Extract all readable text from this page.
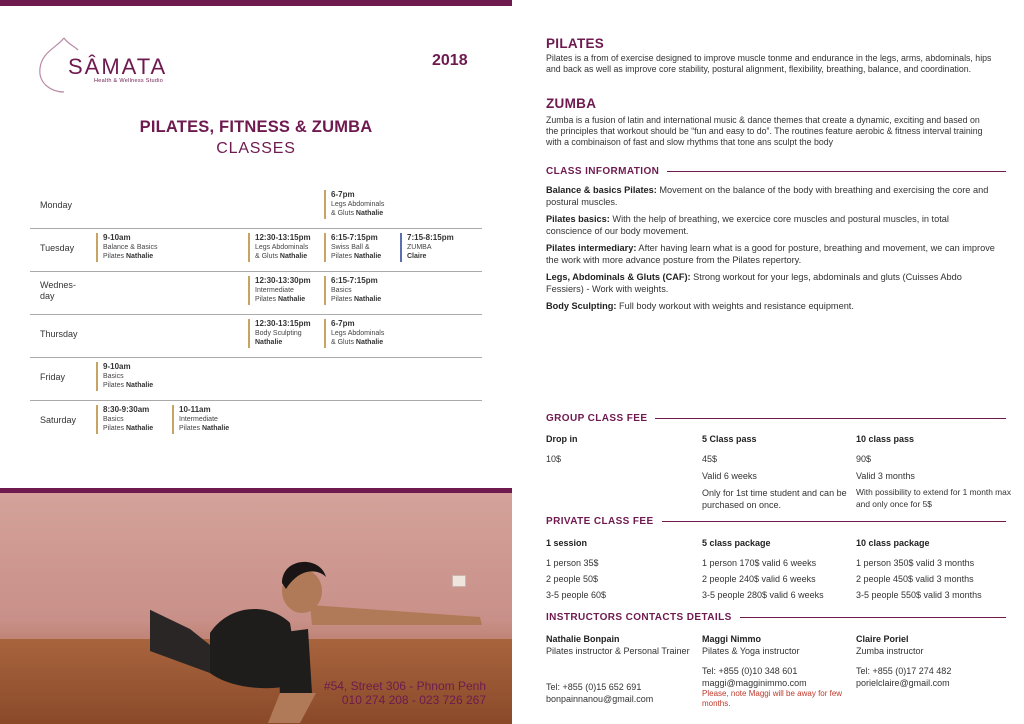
SÂMATA
Health & Wellness Studio
2018
PILATES, FITNESS & ZUMBA
CLASSES
Monday
6-7pm
Legs Abdominals
& Gluts Nathalie
Tuesday
9-10am
Balance & Basics
Pilates Nathalie
12:30-13:15pm
Legs Abdominals
& Gluts Nathalie
6:15-7:15pm
Swiss Ball &
Pilates Nathalie
7:15-8:15pm
ZUMBA
Claire
Wednes-day
12:30-13:30pm
Intermediate
Pilates Nathalie
6:15-7:15pm
Basics
Pilates Nathalie
Thursday
12:30-13:15pm
Body Sculpting
Nathalie
6-7pm
Legs Abdominals
& Gluts Nathalie
Friday
9-10am
Basics
Pilates Nathalie
Saturday
8:30-9:30am
Basics
Pilates Nathalie
10-11am
Intermediate
Pilates Nathalie
#54, Street 306 - Phnom Penh
010 274 208 - 023 726 267
PILATES
Pilates is a from of exercise designed to improve muscle tonme and endurance in the legs, arms, abdominals, hips and back as well as improve core stability, postural alignment, flexibility, breathing, balance, and coordination.
ZUMBA
Zumba is a fusion of latin and international music & dance themes that create a dynamic, exciting and based on the principles that workout should be “fun and easy to do”. The routines feature aerobic & fitness interval training with a combinaison of fast and slow rhythms that tone ans sculpt the body
CLASS INFORMATION

Balance & basics Pilates: Movement on the balance of the body with breathing and exercising the core and postural muscles.

Pilates basics: With the help of breathing, we exercice core muscles and postural muscles, in total conscience of our body movement.

Pilates intermediary: After having learn what is a good for posture, breathing and movement, we can improve the work with more advance posture from the Pilates repertory.

Legs, Abdominals & Gluts (CAF): Strong workout for your legs, abdominals and gluts (Cuisses Abdo Fessiers) - Work with weights.

Body Sculpting: Full body workout with weights and resistance equipment.

GROUP CLASS FEE
Drop in
10$
5 Class pass
45$
Valid 6 weeks
Only for 1st time student and can be purchased on once.
10 class pass
90$
Valid 3 months
With possibility to extend for 1 month max and only once for 5$
PRIVATE CLASS FEE
1 session
1 person 35$
2 people 50$
3-5 people 60$
5 class package
1 person 170$ valid 6 weeks
2 people 240$ valid 6 weeks
3-5 people 280$ valid 6 weeks
10 class package
1 person 350$ valid 3 months
2 people 450$ valid 3 months
3-5 people 550$ valid 3 months
INSTRUCTORS CONTACTS DETAILS
Nathalie Bonpain
Pilates instructor & Personal Trainer
Tel: +855 (0)15 652 691
bonpainnanou@gmail.com
Maggi Nimmo
Pilates & Yoga instructor
Tel: +855 (0)10 348 601
maggi@magginimmo.com
Please, note Maggi will be away for few months.
Claire Poriel
Zumba instructor
Tel: +855 (0)17 274 482
porielclaire@gmail.com
